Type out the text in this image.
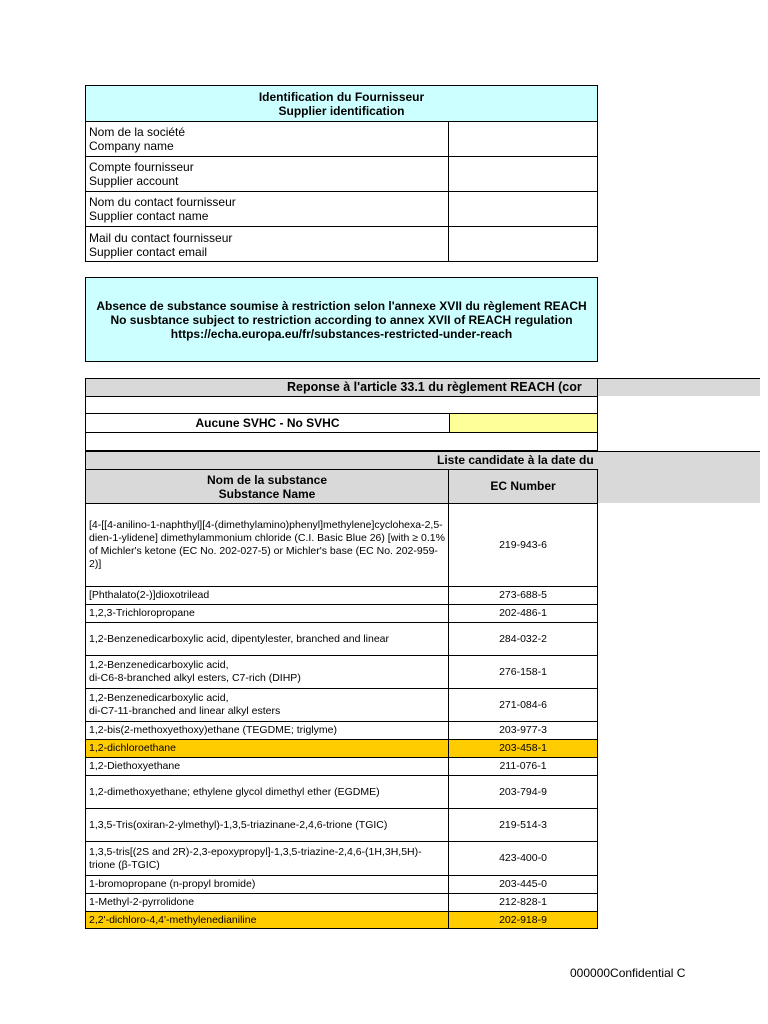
Identification du Fournisseur
Supplier identification
Nom de la société
Company name
Compte fournisseur
Supplier account
Nom du contact fournisseur
Supplier contact name
Mail du contact fournisseur
Supplier contact email
Absence de substance soumise à restriction selon l'annexe XVII du règlement REACH
No susbtance subject to restriction according to annex XVII of REACH regulation
https://echa.europa.eu/fr/substances-restricted-under-reach
Reponse à l'article 33.1 du règlement REACH (cor
Aucune SVHC - No SVHC
Liste candidate à la date du
Nom de la substance
Substance Name
EC Number
[4-[[4-anilino-1-naphthyl][4-(dimethylamino)phenyl]methylene]cyclohexa-2,5-dien-1-ylidene] dimethylammonium chloride (C.I. Basic Blue 26) [with ≥ 0.1% of Michler's ketone (EC No. 202-027-5) or Michler's base (EC No. 202-959-2)]
219-943-6
[Phthalato(2-)]dioxotrilead	273-688-5
1,2,3-Trichloropropane	202-486-1
1,2-Benzenedicarboxylic acid, dipentylester, branched and linear	284-032-2
1,2-Benzenedicarboxylic acid,
di-C6-8-branched alkyl esters, C7-rich (DIHP)
276-158-1
1,2-Benzenedicarboxylic acid,
di-C7-11-branched and linear alkyl esters
271-084-6
1,2-bis(2-methoxyethoxy)ethane (TEGDME; triglyme)	203-977-3
1,2-dichloroethane	203-458-1
1,2-Diethoxyethane	211-076-1
1,2-dimethoxyethane; ethylene glycol dimethyl ether (EGDME)	203-794-9
1,3,5-Tris(oxiran-2-ylmethyl)-1,3,5-triazinane-2,4,6-trione (TGIC)	219-514-3
1,3,5-tris[(2S and 2R)-2,3-epoxypropyl]-1,3,5-triazine-2,4,6-(1H,3H,5H)-trione (β-TGIC)
423-400-0
1-bromopropane (n-propyl bromide)	203-445-0
1-Methyl-2-pyrrolidone	212-828-1
2,2'-dichloro-4,4'-methylenedianiline	202-918-9
000000Confidential C
